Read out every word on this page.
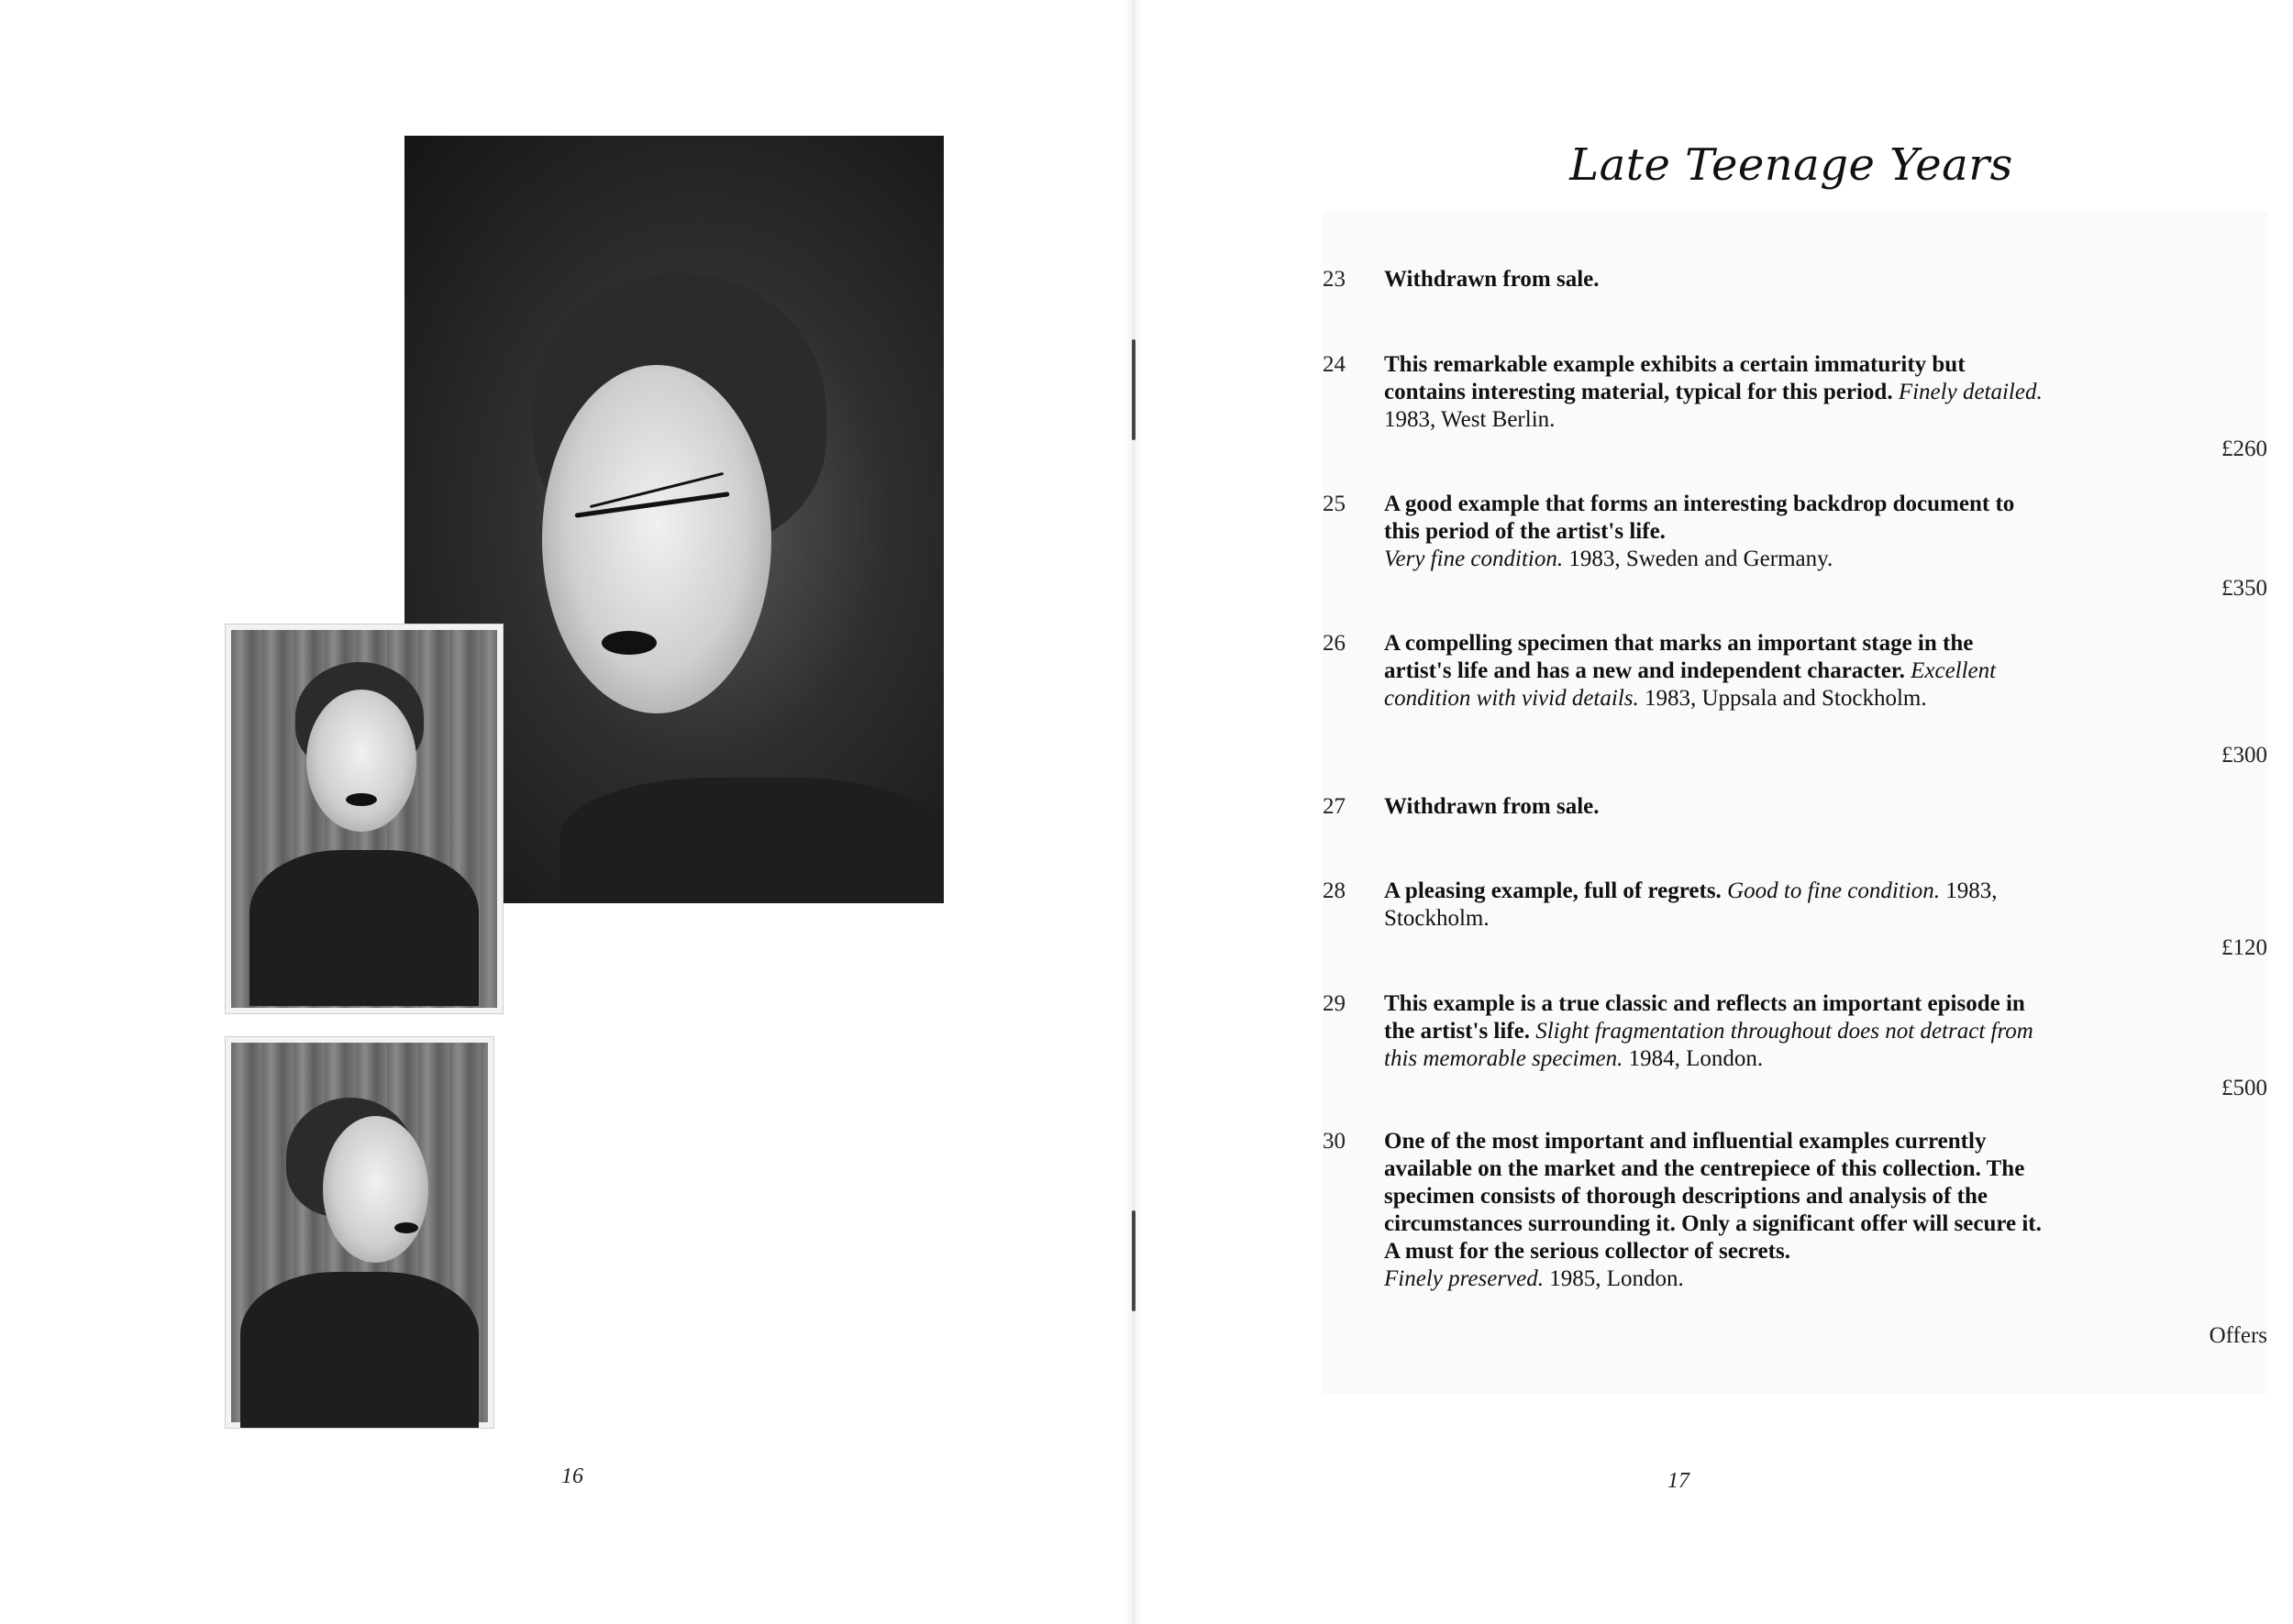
16
Late Teenage Years
23	Withdrawn from sale.
24	This remarkable example exhibits a certain immaturity but contains interesting material, typical for this period. Finely detailed. 1983, West Berlin.
£260
25	A good example that forms an interesting backdrop document to this period of the artist's life.
Very fine condition. 1983, Sweden and Germany.
£350
26	A compelling specimen that marks an important stage in the artist's life and has a new and independent character. Excellent condition with vivid details. 1983, Uppsala and Stockholm.
£300
27	Withdrawn from sale.
28	A pleasing example, full of regrets. Good to fine condition. 1983, Stockholm.
£120
29	This example is a true classic and reflects an important episode in the artist's life. Slight fragmentation throughout does not detract from this memorable specimen. 1984, London.
£500
30	One of the most important and influential examples currently available on the market and the centrepiece of this collection. The specimen consists of thorough descriptions and analysis of the circumstances surrounding it. Only a significant offer will secure it. A must for the serious collector of secrets.
Finely preserved. 1985, London.
Offers
17
